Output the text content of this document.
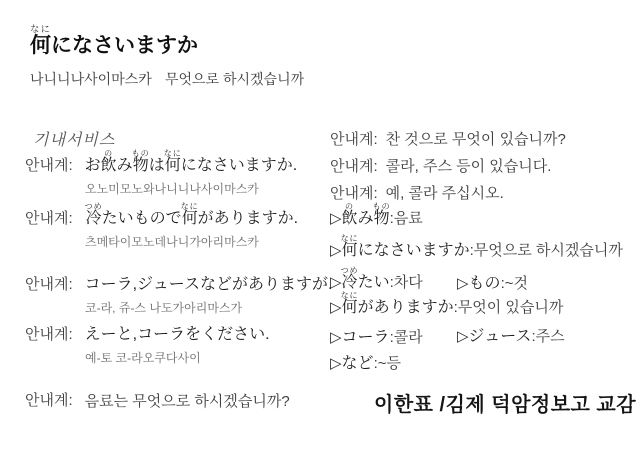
何なにになさいますか
나니니나사이마스카 무엇으로 하시겠습니까
기내서비스
안내계: お飲のみ物ものは何なにになさいますか.
오노미모노와나니니나사이마스카
안내계: 冷つめたいもので何なにがありますか.
츠메타이모노데나니가아리마스카
안내계: コーラ,ジュースなどがありますが.
코-라, 쥬-스 나도가아리마스가
안내계: えーと,コーラをください.
예-토 코-라오쿠다사이
안내계: 음료는 무엇으로 하시겠습니까?
안내계: 찬 것으로 무엇이 있습니까?
안내계: 콜라, 주스 등이 있습니다.
안내계: 예, 콜라 주십시오.
▷飲のみ物もの:음료
▷何なにになさいますか:무엇으로 하시겠습니까
▷冷つめたい:차다 ▷もの:~것
▷何なにがありますか:무엇이 있습니까
▷コーラ:콜라 ▷ジュース:주스
▷など:~등
이한표 /김제 덕암정보고 교감
